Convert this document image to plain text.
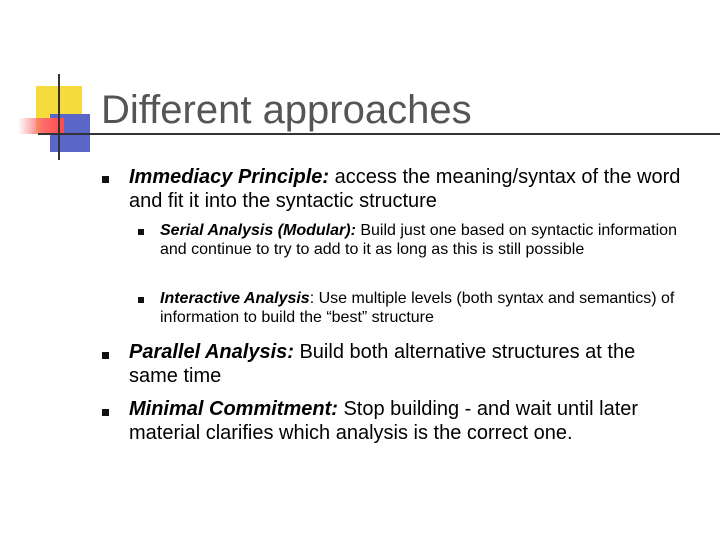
Different approaches

Immediacy Principle: access the meaning/syntax of the word and fit it into the syntactic structure

Serial Analysis (Modular): Build just one based on syntactic information and continue to try to add to it as long as this is still possible

Interactive Analysis: Use multiple levels (both syntax and semantics) of information to build the “best” structure

Parallel Analysis: Build both alternative structures at the same time

Minimal Commitment: Stop building - and wait until later material clarifies which analysis is the correct one.
